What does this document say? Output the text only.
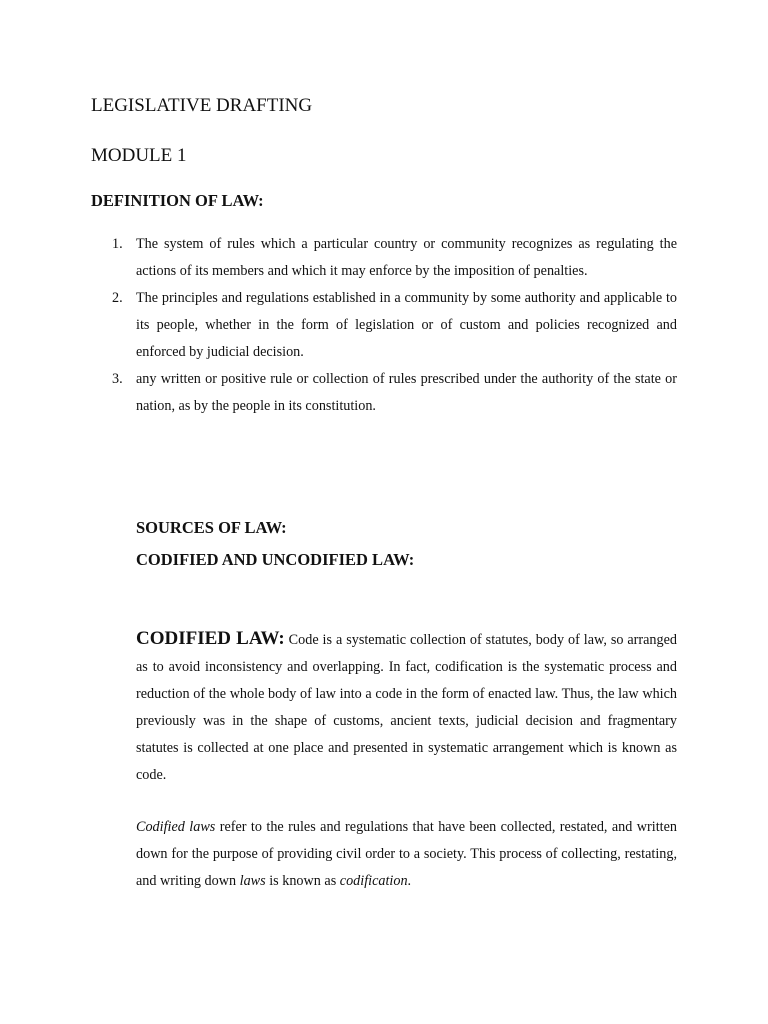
LEGISLATIVE DRAFTING
MODULE 1
DEFINITION OF LAW:
1. The system of rules which a particular country or community recognizes as regulating the actions of its members and which it may enforce by the imposition of penalties.
2. The principles and regulations established in a community by some authority and applicable to its people, whether in the form of legislation or of custom and policies recognized and enforced by judicial decision.
3. any written or positive rule or collection of rules prescribed under the authority of the state or nation, as by the people in its constitution.
SOURCES OF LAW:
CODIFIED AND UNCODIFIED LAW:

CODIFIED LAW: Code is a systematic collection of statutes, body of law, so arranged as to avoid inconsistency and overlapping. In fact, codification is the systematic process and reduction of the whole body of law into a code in the form of enacted law. Thus, the law which previously was in the shape of customs, ancient texts, judicial decision and fragmentary statutes is collected at one place and presented in systematic arrangement which is known as code.

Codified laws refer to the rules and regulations that have been collected, restated, and written down for the purpose of providing civil order to a society. This process of collecting, restating, and writing down laws is known as codification.
